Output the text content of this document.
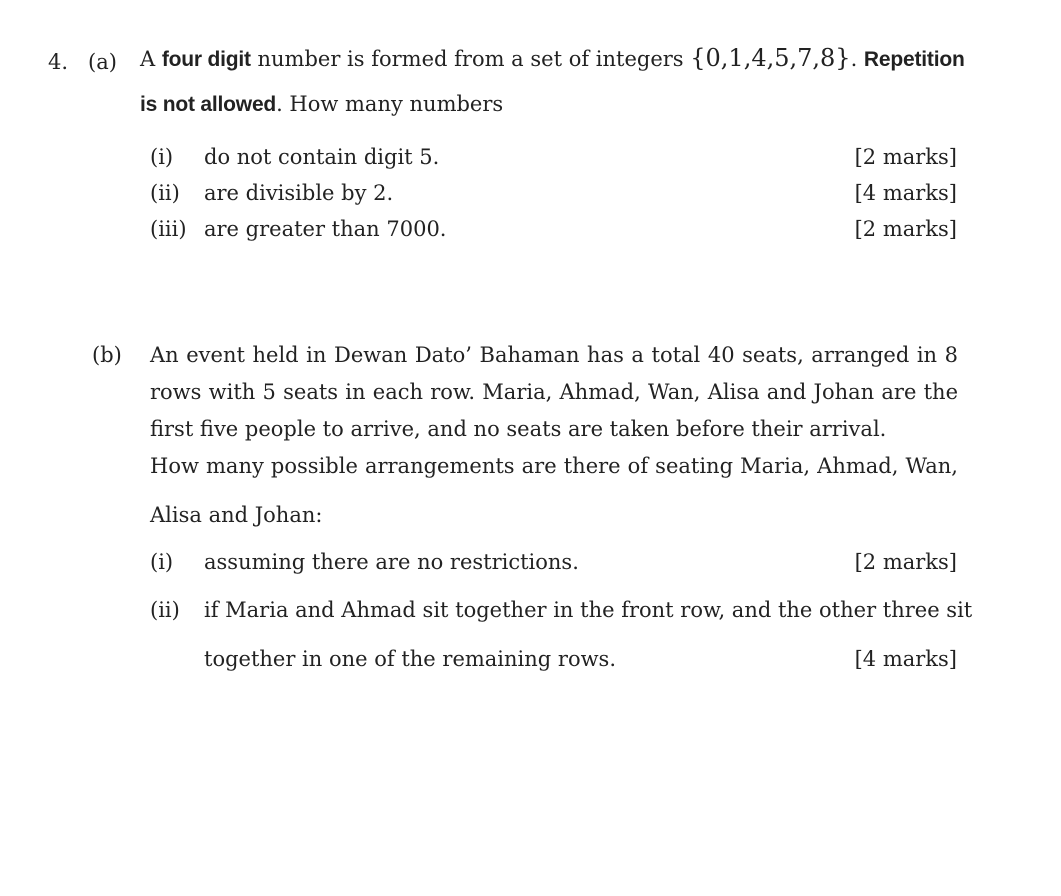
4. (a) A four digit number is formed from a set of integers {0,1,4,5,7,8}. Repetition
is not allowed. How many numbers
(i) do not contain digit 5.	[2 marks]
(ii) are divisible by 2.	[4 marks]
(iii) are greater than 7000.	[2 marks]
(b) An event held in Dewan Dato’ Bahaman has a total 40 seats, arranged in 8
rows with 5 seats in each row. Maria, Ahmad, Wan, Alisa and Johan are the
first five people to arrive, and no seats are taken before their arrival.
How many possible arrangements are there of seating Maria, Ahmad, Wan,
Alisa and Johan:
(i) assuming there are no restrictions.	[2 marks]
(ii) if Maria and Ahmad sit together in the front row, and the other three sit
together in one of the remaining rows.	[4 marks]
